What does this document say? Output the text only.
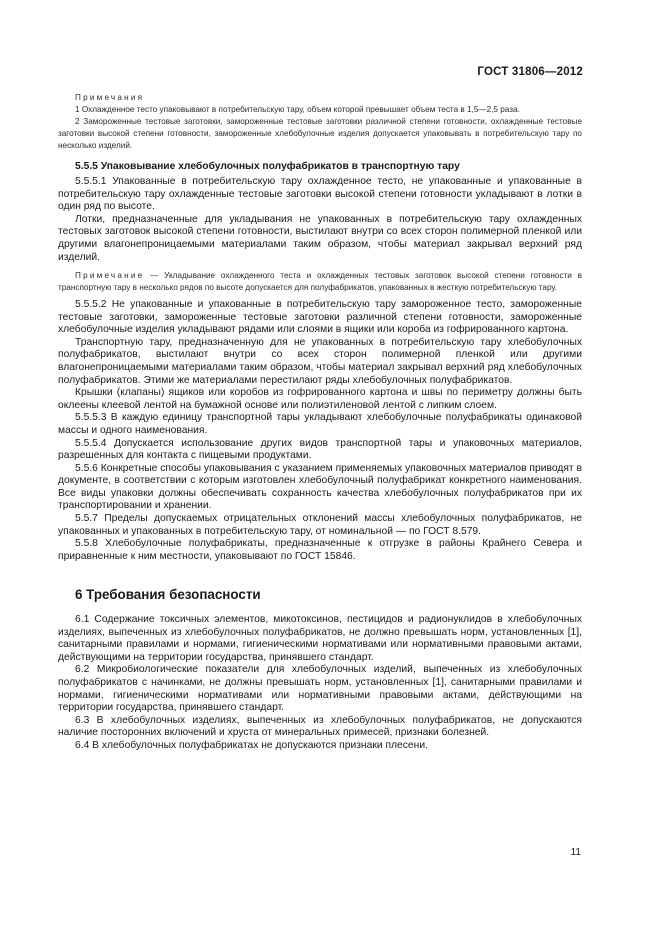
ГОСТ 31806—2012
Примечания
1 Охлажденное тесто упаковывают в потребительскую тару, объем которой превышает объем теста в 1,5—2,5 раза.
2 Замороженные тестовые заготовки, замороженные тестовые заготовки различной степени готовности, охлажденные тестовые заготовки высокой степени готовности, замороженные хлебобулочные изделия допускается упаковывать в потребительскую тару по несколько изделий.
5.5.5 Упаковывание хлебобулочных полуфабрикатов в транспортную тару

5.5.5.1 Упакованные в потребительскую тару охлажденное тесто, не упакованные и упакованные в потребительскую тару охлажденные тестовые заготовки высокой степени готовности укладывают в лотки в один ряд по высоте.

Лотки, предназначенные для укладывания не упакованных в потребительскую тару охлажденных тестовых заготовок высокой степени готовности, выстилают внутри со всех сторон полимерной пленкой или другими влагонепроницаемыми материалами таким образом, чтобы материал закрывал верхний ряд изделий.

Примечание — Укладывание охлажденного теста и охлажденных тестовых заготовок высокой степени готовности в транспортную тару в несколько рядов по высоте допускается для полуфабрикатов, упакованных в жесткую потребительскую тару.

5.5.5.2 Не упакованные и упакованные в потребительскую тару замороженное тесто, замороженные тестовые заготовки, замороженные тестовые заготовки различной степени готовности, замороженные хлебобулочные изделия укладывают рядами или слоями в ящики или короба из гофрированного картона.

Транспортную тару, предназначенную для не упакованных в потребительскую тару хлебобулочных полуфабрикатов, выстилают внутри со всех сторон полимерной пленкой или другими влагонепроницаемыми материалами таким образом, чтобы материал закрывал верхний ряд хлебобулочных полуфабрикатов. Этими же материалами перестилают ряды хлебобулочных полуфабрикатов.

Крышки (клапаны) ящиков или коробов из гофрированного картона и швы по периметру должны быть оклеены клеевой лентой на бумажной основе или полиэтиленовой лентой с липким слоем.

5.5.5.3 В каждую единицу транспортной тары укладывают хлебобулочные полуфабрикаты одинаковой массы и одного наименования.

5.5.5.4 Допускается использование других видов транспортной тары и упаковочных материалов, разрешенных для контакта с пищевыми продуктами.

5.5.6 Конкретные способы упаковывания с указанием применяемых упаковочных материалов приводят в документе, в соответствии с которым изготовлен хлебобулочный полуфабрикат конкретного наименования. Все виды упаковки должны обеспечивать сохранность качества хлебобулочных полуфабрикатов при их транспортировании и хранении.

5.5.7 Пределы допускаемых отрицательных отклонений массы хлебобулочных полуфабрикатов, не упакованных и упакованных в потребительскую тару, от номинальной — по ГОСТ 8.579.

5.5.8 Хлебобулочные полуфабрикаты, предназначенные к отгрузке в районы Крайнего Севера и приравненные к ним местности, упаковывают по ГОСТ 15846.

6 Требования безопасности

6.1 Содержание токсичных элементов, микотоксинов, пестицидов и радионуклидов в хлебобулочных изделиях, выпеченных из хлебобулочных полуфабрикатов, не должно превышать норм, установленных [1], санитарными правилами и нормами, гигиеническими нормативами или нормативными правовыми актами, действующими на территории государства, принявшего стандарт.

6.2 Микробиологические показатели для хлебобулочных изделий, выпеченных из хлебобулочных полуфабрикатов с начинками, не должны превышать норм, установленных [1], санитарными правилами и нормами, гигиеническими нормативами или нормативными правовыми актами, действующими на территории государства, принявшего стандарт.

6.3 В хлебобулочных изделиях, выпеченных из хлебобулочных полуфабрикатов, не допускаются наличие посторонних включений и хруста от минеральных примесей, признаки болезней.

6.4 В хлебобулочных полуфабрикатах не допускаются признаки плесени.

11
